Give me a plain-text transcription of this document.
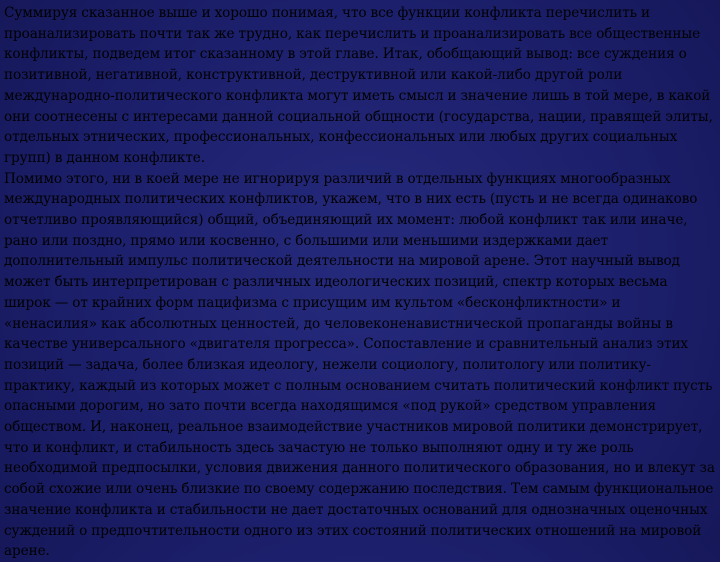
Суммируя сказанное выше и хорошо понимая, что все функции конфликта перечислить и проанализировать почти так же трудно, как перечислить и проанализировать все общественные конфликты, подведем итог сказанному в этой главе. Итак, обобщающий вывод: все суждения о позитивной, негативной, конструктивной, деструктивной или какой-либо другой роли международно-политического конфликта могут иметь смысл и значение лишь в той мере, в какой они соотнесены с интересами данной социальной общности (государства, нации, правящей элиты, отдельных этнических, профессиональных, конфессиональных или любых других социальных групп) в данном конфликте.

Помимо этого, ни в коей мере не игнорируя различий в отдельных функциях многообразных международных политических конфликтов, укажем, что в них есть (пусть и не всегда одинаково отчетливо проявляющийся) общий, объединяющий их момент: любой конфликт так или иначе, рано или поздно, прямо или косвенно, с большими или меньшими издержками дает дополнительный импульс политической деятельности на мировой арене. Этот научный вывод может быть интерпретирован с различных идеологических позиций, спектр которых весьма широк — от крайних форм пацифизма с присущим им культом «бесконфликтности» и «ненасилия» как абсолютных ценностей, до человеконенавистнической пропаганды войны в качестве универсального «двигателя прогресса». Сопоставление и сравнительный анализ этих позиций — задача, более близкая идеологу, нежели социологу, политологу или политику-практику, каждый из которых может с полным основанием считать политический конфликт пусть опасными дорогим, но зато почти всегда находящимся «под рукой» средством управления обществом. И, наконец, реальное взаимодействие участников мировой политики демонстрирует, что и конфликт, и стабильность здесь зачастую не только выполняют одну и ту же роль необходимой предпосылки, условия движения данного политического образования, но и влекут за собой схожие или очень близкие по своему содержанию последствия. Тем самым функциональное значение конфликта и стабильности не дает достаточных оснований для однозначных оценочных суждений о предпочтительности одного из этих состояний политических отношений на мировой арене.
